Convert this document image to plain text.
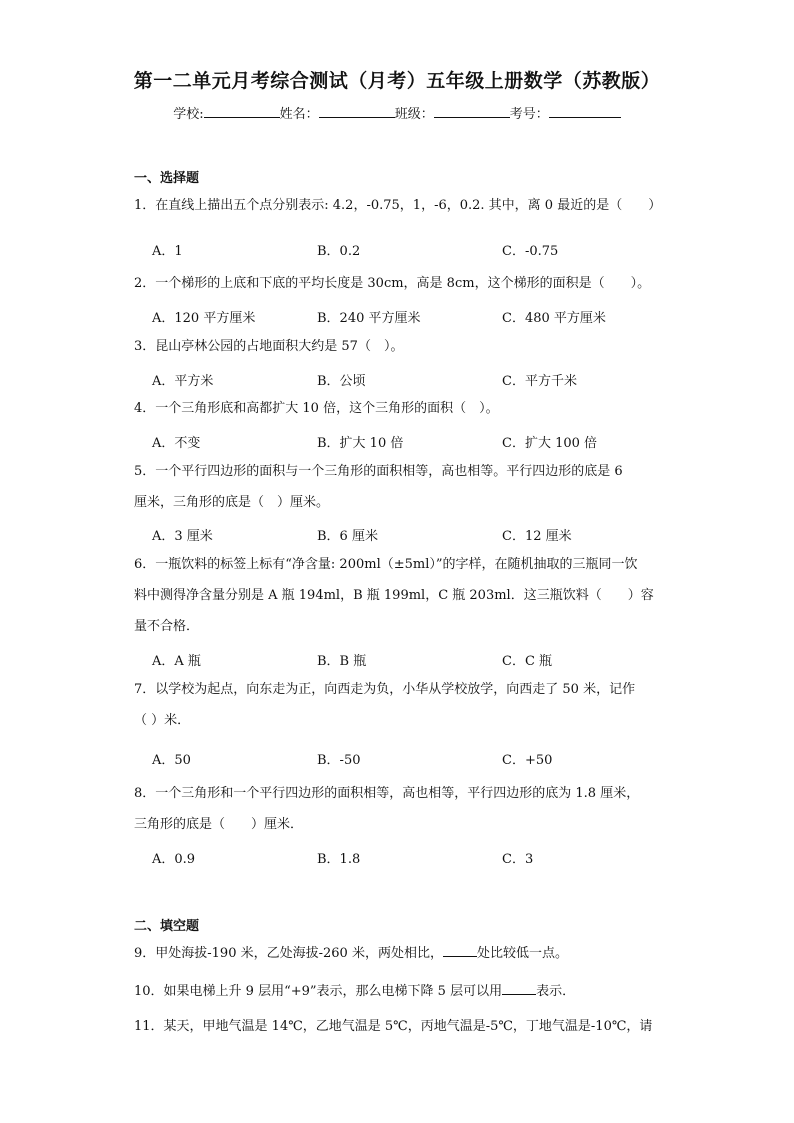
第一二单元月考综合测试（月考）五年级上册数学（苏教版）
学校:	姓名：	班级：	考号：
一、选择题
1．在直线上描出五个点分别表示: 4.2，-0.75，1，-6，0.2. 其中，离 0 最近的是（　　）
A．1	B．0.2	C．-0.75
2．一个梯形的上底和下底的平均长度是 30cm，高是 8cm，这个梯形的面积是（　　）。
A．120 平方厘米	B．240 平方厘米	C．480 平方厘米
3．昆山亭林公园的占地面积大约是 57（　）。
A．平方米	B．公顷	C．平方千米
4．一个三角形底和高都扩大 10 倍，这个三角形的面积（　）。
A．不变	B．扩大 10 倍	C．扩大 100 倍
5．一个平行四边形的面积与一个三角形的面积相等，高也相等。平行四边形的底是 6
厘米，三角形的底是（　）厘米。
A．3 厘米	B．6 厘米	C．12 厘米
6．一瓶饮料的标签上标有“净含量: 200ml（±5ml）”的字样，在随机抽取的三瓶同一饮
料中测得净含量分别是 A 瓶 194ml，B 瓶 199ml，C 瓶 203ml．这三瓶饮料（　　）容
量不合格．
A．A 瓶	B．B 瓶	C．C 瓶
7．以学校为起点，向东走为正，向西走为负，小华从学校放学，向西走了 50 米，记作
（ ）米．
A．50	B．-50	C．+50
8．一个三角形和一个平行四边形的面积相等，高也相等，平行四边形的底为 1.8 厘米，
三角形的底是（　　）厘米．
A．0.9	B．1.8	C．3
二、填空题
9．甲处海拔-190 米，乙处海拔-260 米，两处相比，	处比较低一点。
10．如果电梯上升 9 层用“+9”表示，那么电梯下降 5 层可以用	表示．
11．某天，甲地气温是 14℃，乙地气温是 5℃，丙地气温是-5℃，丁地气温是-10℃，请
